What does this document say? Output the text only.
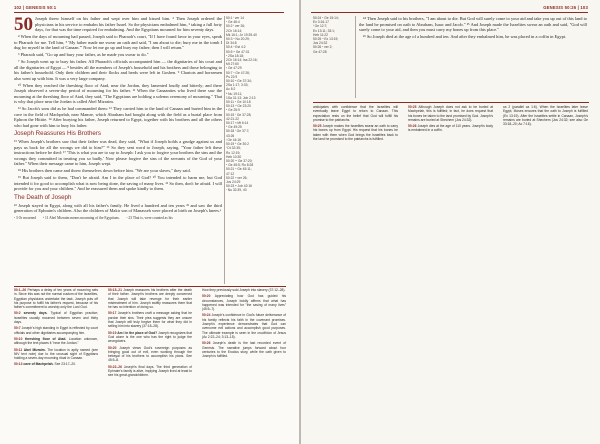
102 | GENESIS 50:1
50 Joseph threw himself on his father and wept over him and kissed him. ² Then Joseph ordered the physicians in his service to embalm his father Israel. So the physicians embalmed him, ³ taking a full forty days, for that was the time required for embalming. And the Egyptians mourned for him seventy days.
⁴ When the days of mourning had passed, Joseph said to Pharaoh's court, "If I have found favor in your eyes, speak to Pharaoh for me. Tell him, ⁵ 'My father made me swear an oath and said, "I am about to die; bury me in the tomb I dug for myself in the land of Canaan."' Now let me go up and bury my father; then I will return."
⁶ Pharaoh said, "Go up and bury your father, as he made you swear to do."
⁷ So Joseph went up to bury his father. All Pharaoh's officials accompanied him — the dignitaries of his court and all the dignitaries of Egypt — ⁸ besides all the members of Joseph's household and his brothers and those belonging to his father's household. Only their children and their flocks and herds were left in Goshen. ⁹ Chariots and horsemen also went up with him. It was a very large company.
¹⁰ When they reached the threshing floor of Atad, near the Jordan, they lamented loudly and bitterly; and there Joseph observed a seven-day period of mourning for his father. ¹¹ When the Canaanites who lived there saw the mourning at the threshing floor of Atad, they said, "The Egyptians are holding a solemn ceremony of mourning." That is why that place near the Jordan is called Abel Mizraim.
¹² So Jacob's sons did as he had commanded them: ¹³ They carried him to the land of Canaan and buried him in the cave in the field of Machpelah, near Mamre, which Abraham had bought along with the field as a burial place from Ephron the Hittite. ¹⁴ After burying his father, Joseph returned to Egypt, together with his brothers and all the others who had gone with him to bury his father.
Joseph Reassures His Brothers
¹⁵ When Joseph's brothers saw that their father was dead, they said, "What if Joseph holds a grudge against us and pays us back for all the wrongs we did to him?" ¹⁶ So they sent word to Joseph, saying, "Your father left these instructions before he died: ¹⁷ 'This is what you are to say to Joseph: I ask you to forgive your brothers the sins and the wrongs they committed in treating you so badly.' Now please forgive the sins of the servants of the God of your father." When their message came to him, Joseph wept.
¹⁸ His brothers then came and threw themselves down before him. "We are your slaves," they said.
¹⁹ But Joseph said to them, "Don't be afraid. Am I in the place of God? ²⁰ You intended to harm me, but God intended it for good to accomplish what is now being done, the saving of many lives. ²¹ So then, don't be afraid. I will provide for you and your children." And he reassured them and spoke kindly to them.
The Death of Joseph
²² Joseph stayed in Egypt, along with all his father's family. He lived a hundred and ten years ²³ and saw the third generation of Ephraim's children. Also the children of Makir son of Manasseh were placed at birth on Joseph's knees.ᵃ
ᵃ 3 Or mourned ᵇ 11 Abel Mizraim means mourning of the Egyptians. ᶜ 23 That is, were counted as his
50:1 ˡ ver 14
ˢ Ge 46:4
50:2 ᵗ ver 26;
2Ch 16:14;
Mk 16:1; Jn 19:39-40
50:3 ᵘ Nu 20:29;
Dt 34:8
50:4 ᵛ Est 4:2
50:5 ʷ Ge 47:31
ˣ 2Sa 18:18;
2Ch 16:14; Isa 22:16;
Mt 27:60
ʸ Ge 47:29
50:7 ᶻ Ge 47:26;
Ps 22:9
50:10 ᵃ Ge 37:34;
2Sa 1:17; 3:33;
Ac 8:2
ᵇ Nu 19:11;
1Sa 31:13; Job 2:13
50:11 ᶜ Ge 10:18
50:13 ᵈ Ge 23:20
ᵉ Ge 25:9
50:15 ᶠ Ge 37:28;
42:21-22
50:17 ᵍ Mt 6:14
ʰ Ge 49:25
50:18 ⁱ Ge 37:7;
43:26
ʲ Ge 44:16
50:19 ᵏ Ge 30:2
ˡ Dt 32:35;
Ro 12:19;
Heb 10:30
50:20 ᵐ Ge 37:20;
ⁿ Ge 45:5; Ro 8:28
50:21 ᵒ Ge 45:11;
47:12
50:22 ᵖ ver 26;
Jos 24:29
50:23 ᵠ Job 42:16
ʳ Nu 32:39, 40
50:1–26 Perhaps a delay of ten years of mourning sets in. Since this was not the normal custom of the Israelites, Egyptian physicians undertake the task. Joseph puts off his purpose to fulfill his father's request, because of his father's commitment to worship only the Lord God.
50:2 seventy days. Typical of Egyptian practice; Israelites usually mourned between seven and thirty days.
50:7 Joseph's high standing in Egypt is reflected by court officials and other dignitaries accompanying him.
50:10 threshing floor of Atad. Location unknown, although the text places it "near the Jordan."
50:11 Abel Mizraim. The location is aptly named (see NIV text note) due to the unusual sight of Egyptians holding a seven-day mourning ritual in Canaan.
50:13 cave of Machpelah. See 23:17–20.
50:15–21 Joseph reassures his brothers after the death of their father. Joseph's brothers are deeply concerned that Joseph will take revenge for their earlier mistreatment of him. Joseph swiftly reassures them that he has no intention of doing so.
50:17 Joseph's brothers craft a message asking that he pardon their sins. Their plea suggests they are unsure that Joseph will truly forgive them for what they did in selling him into slavery (37:18–28).
50:19 Am I in the place of God? Joseph recognizes that God alone is the one who has the right to judge the wrongdoers.
50:20 Joseph views God's sovereign purposes as bringing good out of evil, even working through the betrayal of his brothers to accomplish his plans. See 45:5–8.
50:22–26 Joseph's final days. The third generation of Ephraim's family is alive, implying Joseph lived at least to see his great-grandchildren.
How they previously sold Joseph into slavery (37:12–28).
50:20 Appreciating how God has guided his circumstances, Joseph boldly affirms that what has happened was intended for "the saving of many lives" (45:5–7).
50:24 Joseph's confidence in God's future deliverance of his family reflects his faith in the covenant promises. Joseph's experience demonstrates that God can overcome evil actions and accomplish good purposes. The ultimate example is seen in the crucifixion of Jesus (Ac 2:22–24; 3:13–15).
50:26 Joseph's death is the last recorded event of Genesis. The narrative jumps forward about four centuries to the Exodus story, while the oath given to Joseph is fulfilled.
GENESIS 50:26 | 103
50:24 ˢ Ge 15:14;
Ex 3:16-17
ᵗ Ge 12:7;
Ex 13:11; 33:1;
Heb 11:22
50:25 ᵘ Ex 13:19;
Jos 24:32
50:26 ᵛ ver 2;
Ge 47:28
²⁴ Then Joseph said to his brothers, "I am about to die. But God will surely come to your aid and take you up out of this land to the land he promised on oath to Abraham, Isaac and Jacob." ²⁵ And Joseph made the Israelites swear an oath and said, "God will surely come to your aid, and then you must carry my bones up from this place."
²⁶ So Joseph died at the age of a hundred and ten. And after they embalmed him, he was placed in a coffin in Egypt.
anticipates with confidence that the Israelites will eventually leave Egypt to return to Canaan. This expectation rests on the belief that God will fulfill his promise to the patriarchs.
50:25 Joseph makes the Israelites swear an oath to carry his bones up from Egypt. His request that his bones be taken with them when God brings the Israelites back to the land he promised to the patriarchs is fulfilled.
50:25 Although Joseph does not ask to be buried at Machpelah, this is fulfilled; in fact, he does request that his bones be taken to the land promised by God. Joseph's remains are buried at Shechem (Jos 24:32).
50:26 Joseph dies at the age of 110 years. Joseph's body is embalmed in a coffin.
ca 2 (parallel ca 1:6). When the Israelites later leave Egypt, Moses ensures that the oath to Joseph is fulfilled (Ex 13:19). After the Israelites settle in Canaan, Joseph's remains are buried at Shechem (Jos 24:32; see also Ge 33:18–20; Ac 7:16).
